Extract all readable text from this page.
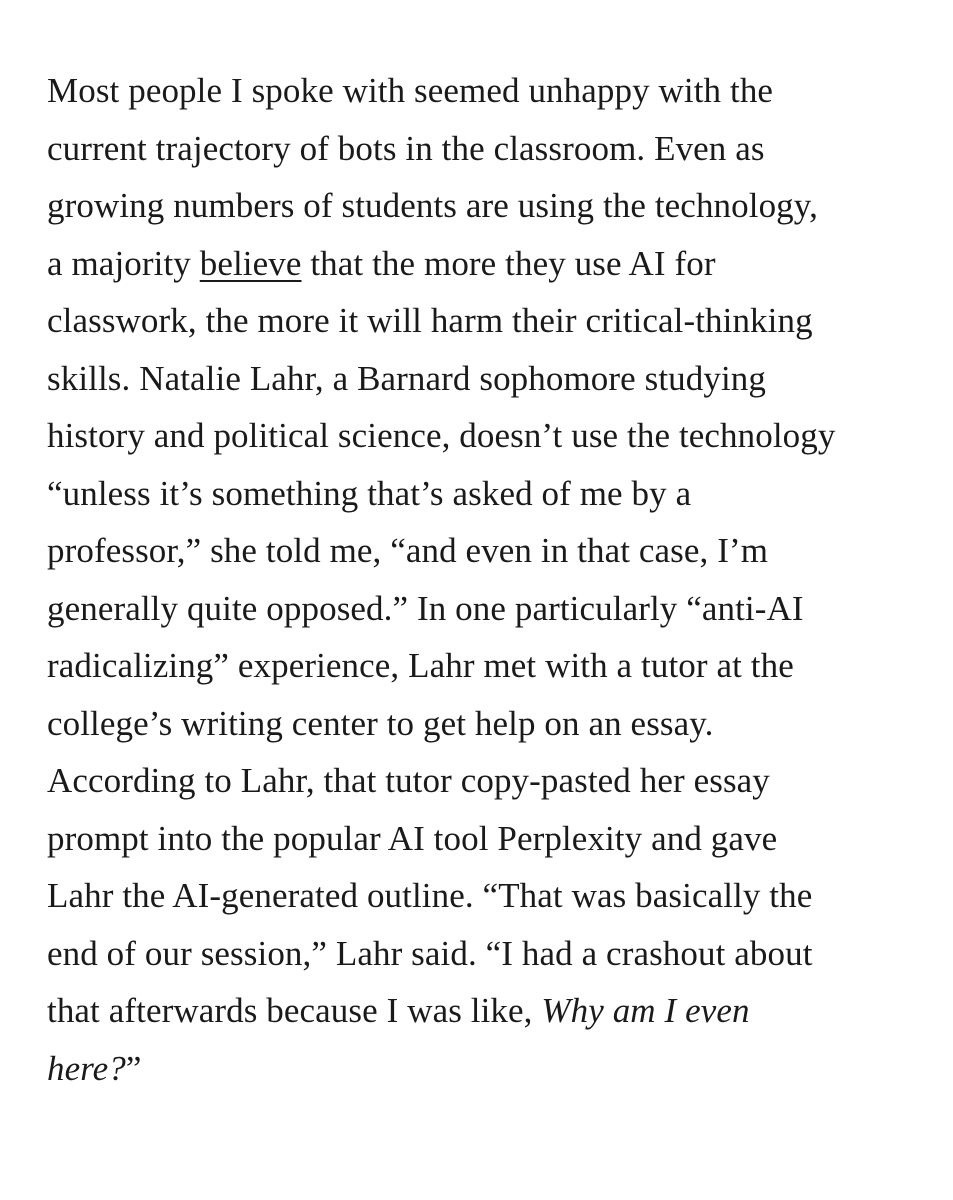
Most people I spoke with seemed unhappy with the
current trajectory of bots in the classroom. Even as
growing numbers of students are using the technology,
a majority believe that the more they use AI for
classwork, the more it will harm their critical-thinking
skills. Natalie Lahr, a Barnard sophomore studying
history and political science, doesn’t use the technology
“unless it’s something that’s asked of me by a
professor,” she told me, “and even in that case, I’m
generally quite opposed.” In one particularly “anti-AI
radicalizing” experience, Lahr met with a tutor at the
college’s writing center to get help on an essay.
According to Lahr, that tutor copy-pasted her essay
prompt into the popular AI tool Perplexity and gave
Lahr the AI-generated outline. “That was basically the
end of our session,” Lahr said. “I had a crashout about
that afterwards because I was like, Why am I even
here?”
